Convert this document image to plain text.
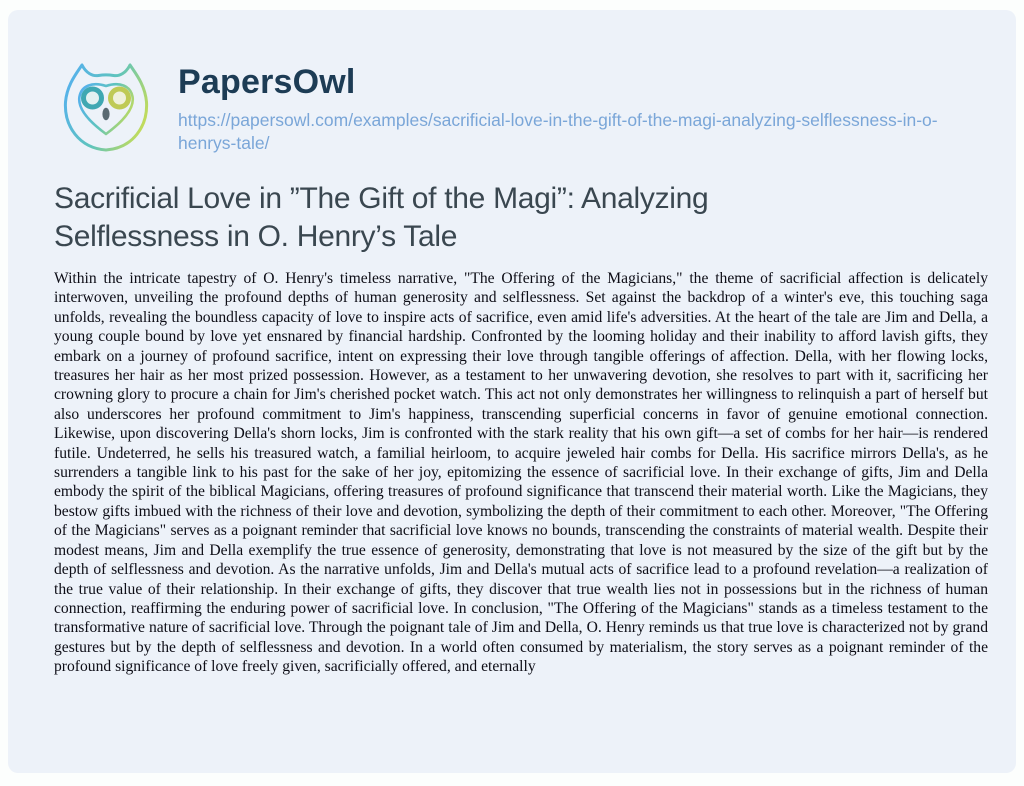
PapersOwl
https://papersowl.com/examples/sacrificial-love-in-the-gift-of-the-magi-analyzing-selflessness-in-o-henrys-tale/
Sacrificial Love in ”The Gift of the Magi”: Analyzing Selflessness in O. Henry’s Tale
Within the intricate tapestry of O. Henry's timeless narrative, "The Offering of the Magicians," the theme of sacrificial affection is delicately interwoven, unveiling the profound depths of human generosity and selflessness. Set against the backdrop of a winter's eve, this touching saga unfolds, revealing the boundless capacity of love to inspire acts of sacrifice, even amid life's adversities. At the heart of the tale are Jim and Della, a young couple bound by love yet ensnared by financial hardship. Confronted by the looming holiday and their inability to afford lavish gifts, they embark on a journey of profound sacrifice, intent on expressing their love through tangible offerings of affection. Della, with her flowing locks, treasures her hair as her most prized possession. However, as a testament to her unwavering devotion, she resolves to part with it, sacrificing her crowning glory to procure a chain for Jim's cherished pocket watch. This act not only demonstrates her willingness to relinquish a part of herself but also underscores her profound commitment to Jim's happiness, transcending superficial concerns in favor of genuine emotional connection. Likewise, upon discovering Della's shorn locks, Jim is confronted with the stark reality that his own gift—a set of combs for her hair—is rendered futile. Undeterred, he sells his treasured watch, a familial heirloom, to acquire jeweled hair combs for Della. His sacrifice mirrors Della's, as he surrenders a tangible link to his past for the sake of her joy, epitomizing the essence of sacrificial love. In their exchange of gifts, Jim and Della embody the spirit of the biblical Magicians, offering treasures of profound significance that transcend their material worth. Like the Magicians, they bestow gifts imbued with the richness of their love and devotion, symbolizing the depth of their commitment to each other. Moreover, "The Offering of the Magicians" serves as a poignant reminder that sacrificial love knows no bounds, transcending the constraints of material wealth. Despite their modest means, Jim and Della exemplify the true essence of generosity, demonstrating that love is not measured by the size of the gift but by the depth of selflessness and devotion. As the narrative unfolds, Jim and Della's mutual acts of sacrifice lead to a profound revelation—a realization of the true value of their relationship. In their exchange of gifts, they discover that true wealth lies not in possessions but in the richness of human connection, reaffirming the enduring power of sacrificial love. In conclusion, "The Offering of the Magicians" stands as a timeless testament to the transformative nature of sacrificial love. Through the poignant tale of Jim and Della, O. Henry reminds us that true love is characterized not by grand gestures but by the depth of selflessness and devotion. In a world often consumed by materialism, the story serves as a poignant reminder of the profound significance of love freely given, sacrificially offered, and eternally
